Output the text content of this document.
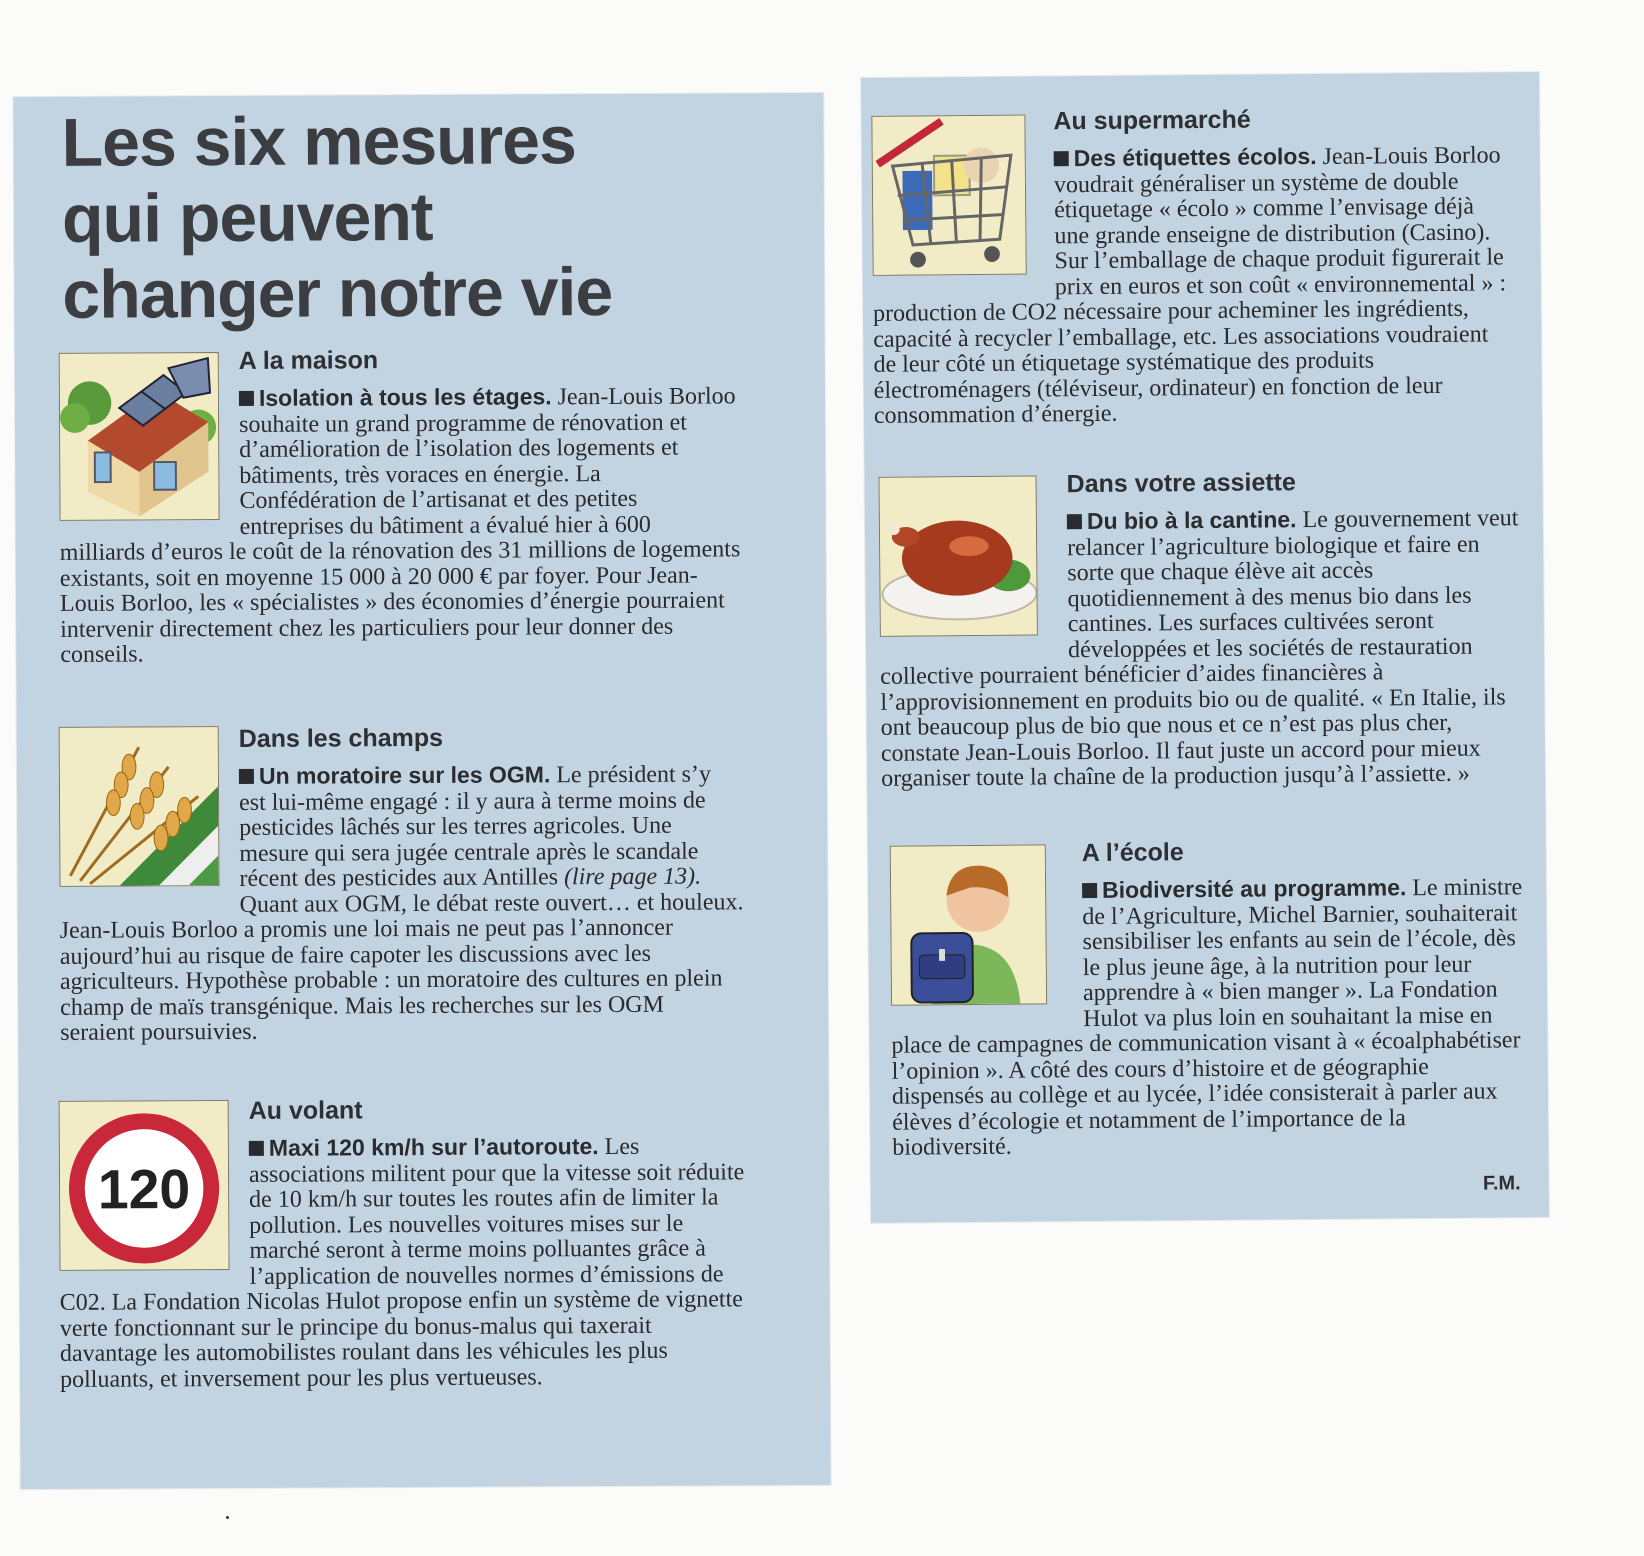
Les six mesures
qui peuvent
changer notre vie
A la maison

Isolation à tous les étages. Jean-Louis Borloo souhaite un grand programme de rénovation et d’amélioration de l’isolation des logements et bâtiments, très voraces en énergie. La Confédération de l’artisanat et des petites entreprises du bâtiment a évalué hier à 600 milliards d’euros le coût de la rénovation des 31 millions de logements existants, soit en moyenne 15 000 à 20 000 € par foyer. Pour Jean-Louis Borloo, les « spécialistes » des économies d’énergie pourraient intervenir directement chez les particuliers pour leur donner des conseils.

Dans les champs

Un moratoire sur les OGM. Le président s’y est lui-même engagé : il y aura à terme moins de pesticides lâchés sur les terres agricoles. Une mesure qui sera jugée centrale après le scandale récent des pesticides aux Antilles (lire page 13). Quant aux OGM, le débat reste ouvert… et houleux. Jean-Louis Borloo a promis une loi mais ne peut pas l’annoncer aujourd’hui au risque de faire capoter les discussions avec les agriculteurs. Hypothèse probable : un moratoire des cultures en plein champ de maïs transgénique. Mais les recherches sur les OGM seraient poursuivies.

120
Au volant

Maxi 120 km/h sur l’autoroute. Les associations militent pour que la vitesse soit réduite de 10 km/h sur toutes les routes afin de limiter la pollution. Les nouvelles voitures mises sur le marché seront à terme moins polluantes grâce à l’application de nouvelles normes d’émissions de C02. La Fondation Nicolas Hulot propose enfin un système de vignette verte fonctionnant sur le principe du bonus-malus qui taxerait davantage les automobilistes roulant dans les véhicules les plus polluants, et inversement pour les plus vertueuses.

Au supermarché

Des étiquettes écolos. Jean-Louis Borloo voudrait généraliser un système de double étiquetage « écolo » comme l’envisage déjà une grande enseigne de distribution (Casino). Sur l’emballage de chaque produit figurerait le prix en euros et son coût « environnemental » : production de CO2 nécessaire pour acheminer les ingrédients, capacité à recycler l’emballage, etc. Les associations voudraient de leur côté un étiquetage systématique des produits électroménagers (téléviseur, ordinateur) en fonction de leur consommation d’énergie.

Dans votre assiette

Du bio à la cantine. Le gouvernement veut relancer l’agriculture biologique et faire en sorte que chaque élève ait accès quotidiennement à des menus bio dans les cantines. Les surfaces cultivées seront développées et les sociétés de restauration collective pourraient bénéficier d’aides financières à l’approvisionnement en produits bio ou de qualité. « En Italie, ils ont beaucoup plus de bio que nous et ce n’est pas plus cher, constate Jean-Louis Borloo. Il faut juste un accord pour mieux organiser toute la chaîne de la production jusqu’à l’assiette. »

A l’école

Biodiversité au programme. Le ministre de l’Agriculture, Michel Barnier, souhaiterait sensibiliser les enfants au sein de l’école, dès le plus jeune âge, à la nutrition pour leur apprendre à « bien manger ». La Fondation Hulot va plus loin en souhaitant la mise en place de campagnes de communication visant à « écoalphabétiser l’opinion ». A côté des cours d’histoire et de géographie dispensés au collège et au lycée, l’idée consisterait à parler aux élèves d’écologie et notamment de l’importance de la biodiversité.

F.M.
